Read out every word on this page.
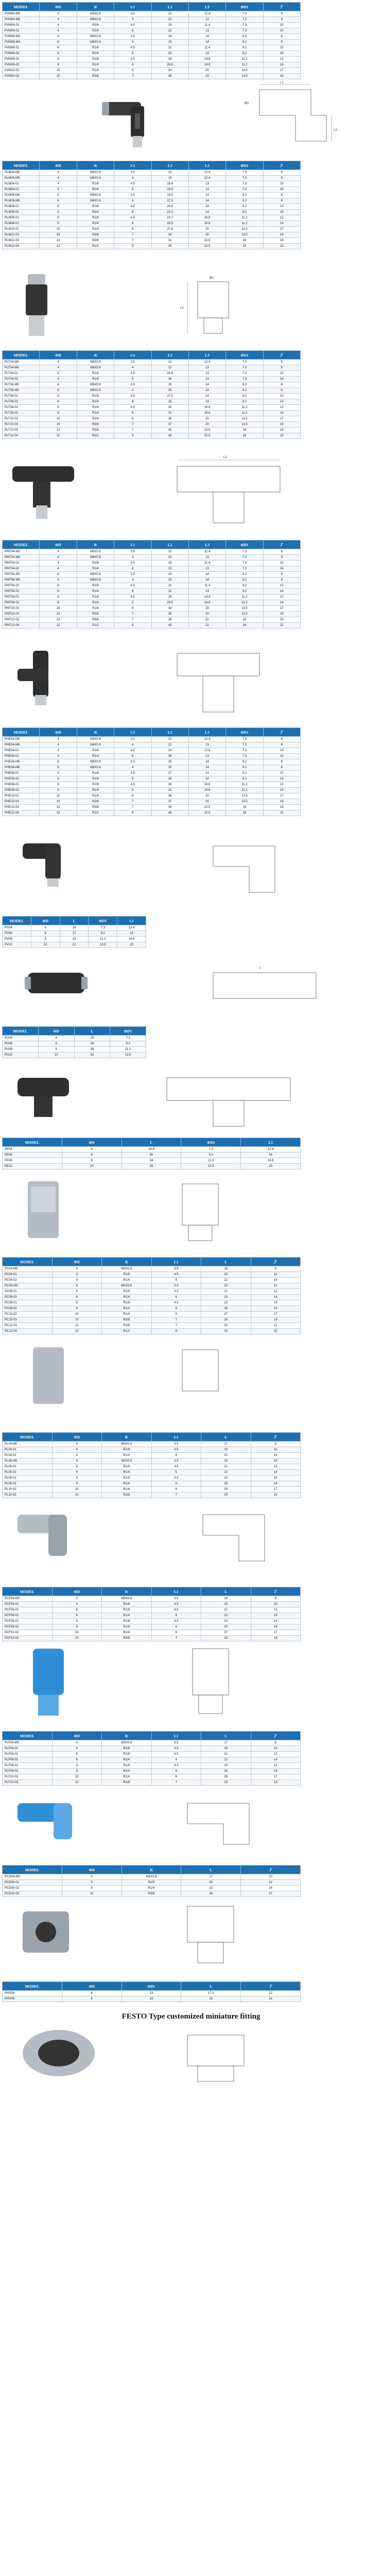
MODEL	ΦD	R	L1	L2	L3	ΦD1	
PVM04-M5	4	M5X0.8	3.5	22	12.4	7.3	8
PVM04-M6	4	M6X0.8	4	22	13	7.3	8
PVM04-01	4	R1/8	4.5	19	11.4	7.3	10
PVM04-02	4	R1/4	6	22	13	7.3	14
PVM06-M5	6	M5X0.8	3.5	24	14	9.2	8
PVM06-M6	6	M6X0.8	4	23	14	9.2	8
PVM06-01	6	R1/8	4.5	21	11.4	9.2	10
PVM06-02	6	R1/4	6	22	13	9.2	14
PVM08-01	8	R1/8	4.5	28	14.8	11.2	12
PVM08-02	8	R1/4	6	28.5	14.8	11.2	14
PVM10-02	10	R1/4	6	34	20	13.5	17
PVM10-03	10	R3/8	7	35	20	13.5	19
L1
L2
ΦD
MODEL	ΦD	R	L1	L2	L3	ΦD1	
PLM04-M5	4	M5X0.8	3.5	13	12.4	7.3	8
PLM04-M6	4	M6X0.8	4	15	12.4	7.3	8
PLM04-01	4	R1/8	4.5	18.4	13	7.3	10
PLM04-02	4	R1/4	6	19.9	13	7.3	14
PLM06-M5	6	M5X0.8	3.5	13.5	14	9.2	8
PLM06-M6	6	M6X0.8	4	17.3	14	9.2	8
PLM06-01	6	R1/8	4.5	20.6	14	9.2	10
PLM06-02	6	R1/4	6	22.1	14	9.2	14
PLM08-01	8	R1/8	4.5	23.7	16.6	11.2	12
PLM08-02	8	R1/4	6	26.5	16.6	11.2	14
PLM10-02	10	R1/4	6	27.8	20	13.5	17
PLM10-03	10	R3/8	7	29	20	13.5	19
PLM12-03	12	R3/8	7	31	22.5	16	19
PLM12-04	12	R1/2	9	33	22.5	16	22
L3
ΦD
MODEL	ΦD	R	L1	L2	L3	ΦD1	
PLT04-M5	4	M5X0.8	3.5	22	12.4	7.3	8
PLT04-M6	4	M6X0.8	4	22	13	7.3	8
PLT04-01	4	R1/8	4.5	24.6	13	7.3	10
PLT04-02	4	R1/4	6	26	13	7.3	14
PLT06-M5	6	M5X0.8	3.5	25	14	9.2	8
PLT06-M6	6	M6X0.8	4	25	14	9.2	8
PLT06-01	6	R1/8	4.5	27.5	14	9.2	10
PLT06-02	6	R1/4	6	29	14	9.2	14
PLT08-01	8	R1/8	4.5	30	16.6	11.2	12
PLT08-02	8	R1/4	6	32	16.6	11.2	14
PLT10-02	10	R1/4	6	36	20	13.5	17
PLT10-03	10	R3/8	7	37	20	13.5	19
PLT12-03	12	R3/8	7	40	22.5	16	19
PLT12-04	12	R1/2	9	42	22.5	16	22
L3
MODEL	ΦD	R	L1	L2	L3	ΦD1	
PMT04-M5	4	M5X0.8	3.5	22	12.4	7.3	8
PMT04-M6	4	M6X0.8	4	22	13	7.3	8
PMT04-01	4	R1/8	4.5	19	11.4	7.3	10
PMT04-02	4	R1/4	6	22	13	7.3	14
PMT06-M5	6	M5X0.8	3.5	24	14	9.2	8
PMT06-M6	6	M6X0.8	4	23	14	9.2	8
PMT06-01	6	R1/8	4.5	21	11.4	9.2	10
PMT06-02	6	R1/4	6	22	13	9.2	14
PMT08-01	8	R1/8	4.5	28	14.8	11.2	12
PMT08-02	8	R1/4	6	28.5	14.8	11.2	14
PMT10-02	10	R1/4	6	34	20	13.5	17
PMT10-03	10	R3/8	7	35	20	13.5	19
PMT12-03	12	R3/8	7	38	22	16	19
PMT12-04	12	R1/2	9	40	22	16	22
MODEL	ΦD	R	L1	L2	L3	ΦD1	
PHE04-M5	4	M5X0.8	3.5	22	12.4	7.3	8
PHE04-M6	4	M6X0.8	4	22	13	7.3	8
PHE04-01	4	R1/8	4.5	24	12.6	7.3	10
PHE04-02	4	R1/4	6	26	13	7.3	14
PHE06-M5	6	M5X0.8	3.5	25	14	9.2	8
PHE06-M6	6	M6X0.8	4	25	14	9.2	8
PHE06-01	6	R1/8	4.5	27	14	9.2	10
PHE06-02	6	R1/4	6	28	14	9.2	14
PHE08-01	8	R1/8	4.5	30	16.6	11.2	12
PHE08-02	8	R1/4	6	32	16.6	11.2	14
PHE10-02	10	R1/4	6	36	20	13.5	17
PHE10-03	10	R3/8	7	37	20	13.5	19
PHE12-03	12	R3/8	7	40	22.5	16	19
PHE12-04	12	R1/2	9	42	22.5	16	22
MODEL	ΦD	L	ΦD1	L1
PV04	4	14	7.3	12.4
PV06	6	17	9.2	14
PV08	8	19	11.2	16.6
PV10	10	22	13.5	20
L
MODEL	ΦD	L	ΦD1
PU04	4	29	7.3
PU06	6	34	9.2
PU08	8	39	11.2
PU10	10	42	13.5
MODEL	ΦD	L	ΦD1	L1
PE04	4	24.8	7.3	12.4
PE06	6	30	9.2	14
PE08	8	34	11.2	16.6
PE10	10	39	13.5	20
MODEL	ΦD	R	L1	L	
PC04-M5	4	M5X0.8	3.5	18	8
PC04-01	4	R1/8	4.5	20	10
PC04-02	4	R1/4	6	22	14
PC06-M5	6	M5X0.8	3.5	20	10
PC06-01	6	R1/8	4.5	21	12
PC06-02	6	R1/4	6	23	14
PC08-01	8	R1/8	4.5	23	14
PC08-02	8	R1/4	6	25	14
PC10-02	10	R1/4	6	27	17
PC10-03	10	R3/8	7	28	19
PC12-03	12	R3/8	7	31	21
PC12-04	12	R1/2	9	33	22
MODEL	ΦD	R	L1	L	
PL04-M5	4	M5X0.8	3.5	17	8
PL04-01	4	R1/8	4.5	19	10
PL04-02	4	R1/4	6	21	14
PL06-M5	6	M5X0.8	3.5	19	10
PL06-01	6	R1/8	4.5	21	12
PL06-02	6	R1/4	6	22	14
PL08-01	8	R1/8	4.5	24	14
PL08-02	8	R1/4	6	25	14
PL10-02	10	R1/4	6	28	17
PL10-03	10	R3/8	7	29	19
MODEL	ΦD	R	L1	L	
PCF04-M5	4	M5X0.8	3.5	18	8
PCF04-01	4	R1/8	4.5	20	10
PCF06-01	6	R1/8	4.5	21	12
PCF06-02	6	R1/4	6	23	14
PCF08-01	8	R1/8	4.5	23	14
PCF08-02	8	R1/4	6	25	14
PCF10-02	10	R1/4	6	27	17
PCF10-03	10	R3/8	7	28	19
MODEL	ΦD	R	L1	L	
PLF04-M5	4	M5X0.8	3.5	17	8
PLF04-01	4	R1/8	4.5	19	10
PLF06-01	6	R1/8	4.5	21	12
PLF06-02	6	R1/4	6	22	14
PLF08-01	8	R1/8	4.5	24	14
PLF08-02	8	R1/4	6	25	14
PLF10-02	10	R1/4	6	28	17
PLF10-03	10	R3/8	7	29	19
MODEL	ΦD	R	L	
PCD04-M5	4	M5X0.8	17	10
PCD06-01	6	R1/8	20	12
PCD08-02	8	R1/4	23	14
PCD10-03	10	R3/8	26	17
MODEL	ΦD	ΦDc	L	
PHS04	4	13	17.5	12
PHS06	6	15	19	14
FESTO Type customized miniature fitting
